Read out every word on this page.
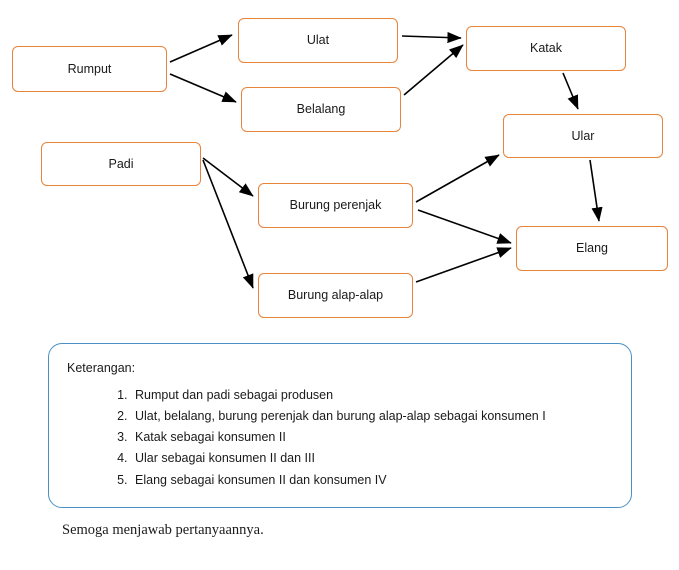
Rumput
Ulat
Belalang
Katak
Ular
Padi
Burung perenjak
Elang
Burung alap-alap
Keterangan:
1. Rumput dan padi sebagai produsen
2. Ulat, belalang, burung perenjak dan burung alap-alap sebagai konsumen I
3. Katak sebagai konsumen II
4. Ular sebagai konsumen II dan III
5. Elang sebagai konsumen II dan konsumen IV
Semoga menjawab pertanyaannya.
